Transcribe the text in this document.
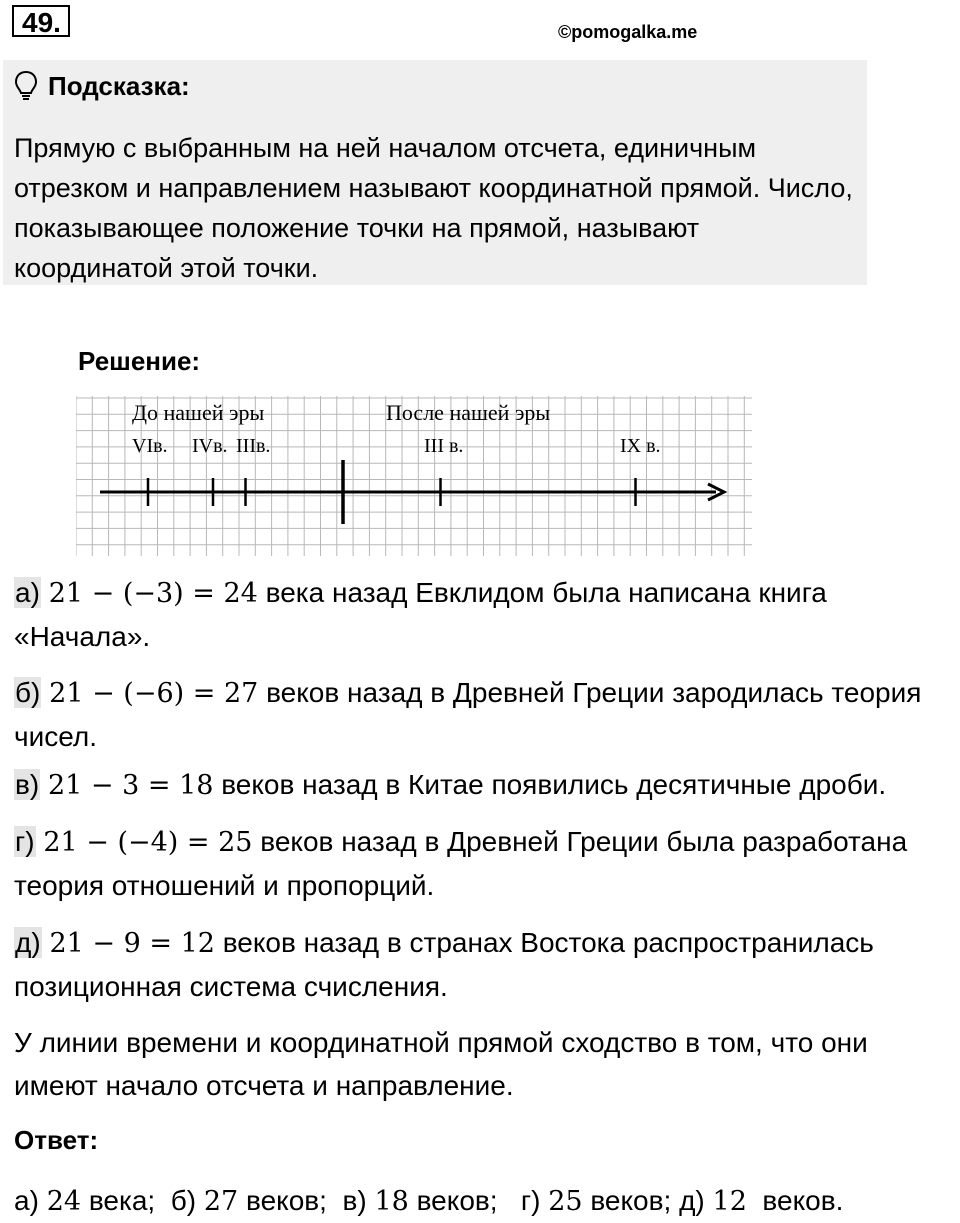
49.	©pomogalka.me
Подсказка:
Прямую с выбранным на ней началом отсчета, единичным отрезком и направлением называют координатной прямой. Число, показывающее положение точки на прямой, называют координатой этой точки.
Решение:
До нашей эры	После нашей эры
VIв. IVв. IIIв.	III в.	IX в.
а) 21 − (−3) = 24 века назад Евклидом была написана книга «Начала».
б) 21 − (−6) = 27 веков назад в Древней Греции зародилась теория чисел.
в) 21 − 3 = 18 веков назад в Китае появились десятичные дроби.
г) 21 − (−4) = 25 веков назад в Древней Греции была разработана теория отношений и пропорций.
д) 21 − 9 = 12 веков назад в странах Востока распространилась позиционная система счисления.
У линии времени и координатной прямой сходство в том, что они имеют начало отсчета и направление.
Ответ:
а) 24 века;  б) 27 веков;  в) 18 веков;   г) 25 веков; д) 12  веков.
